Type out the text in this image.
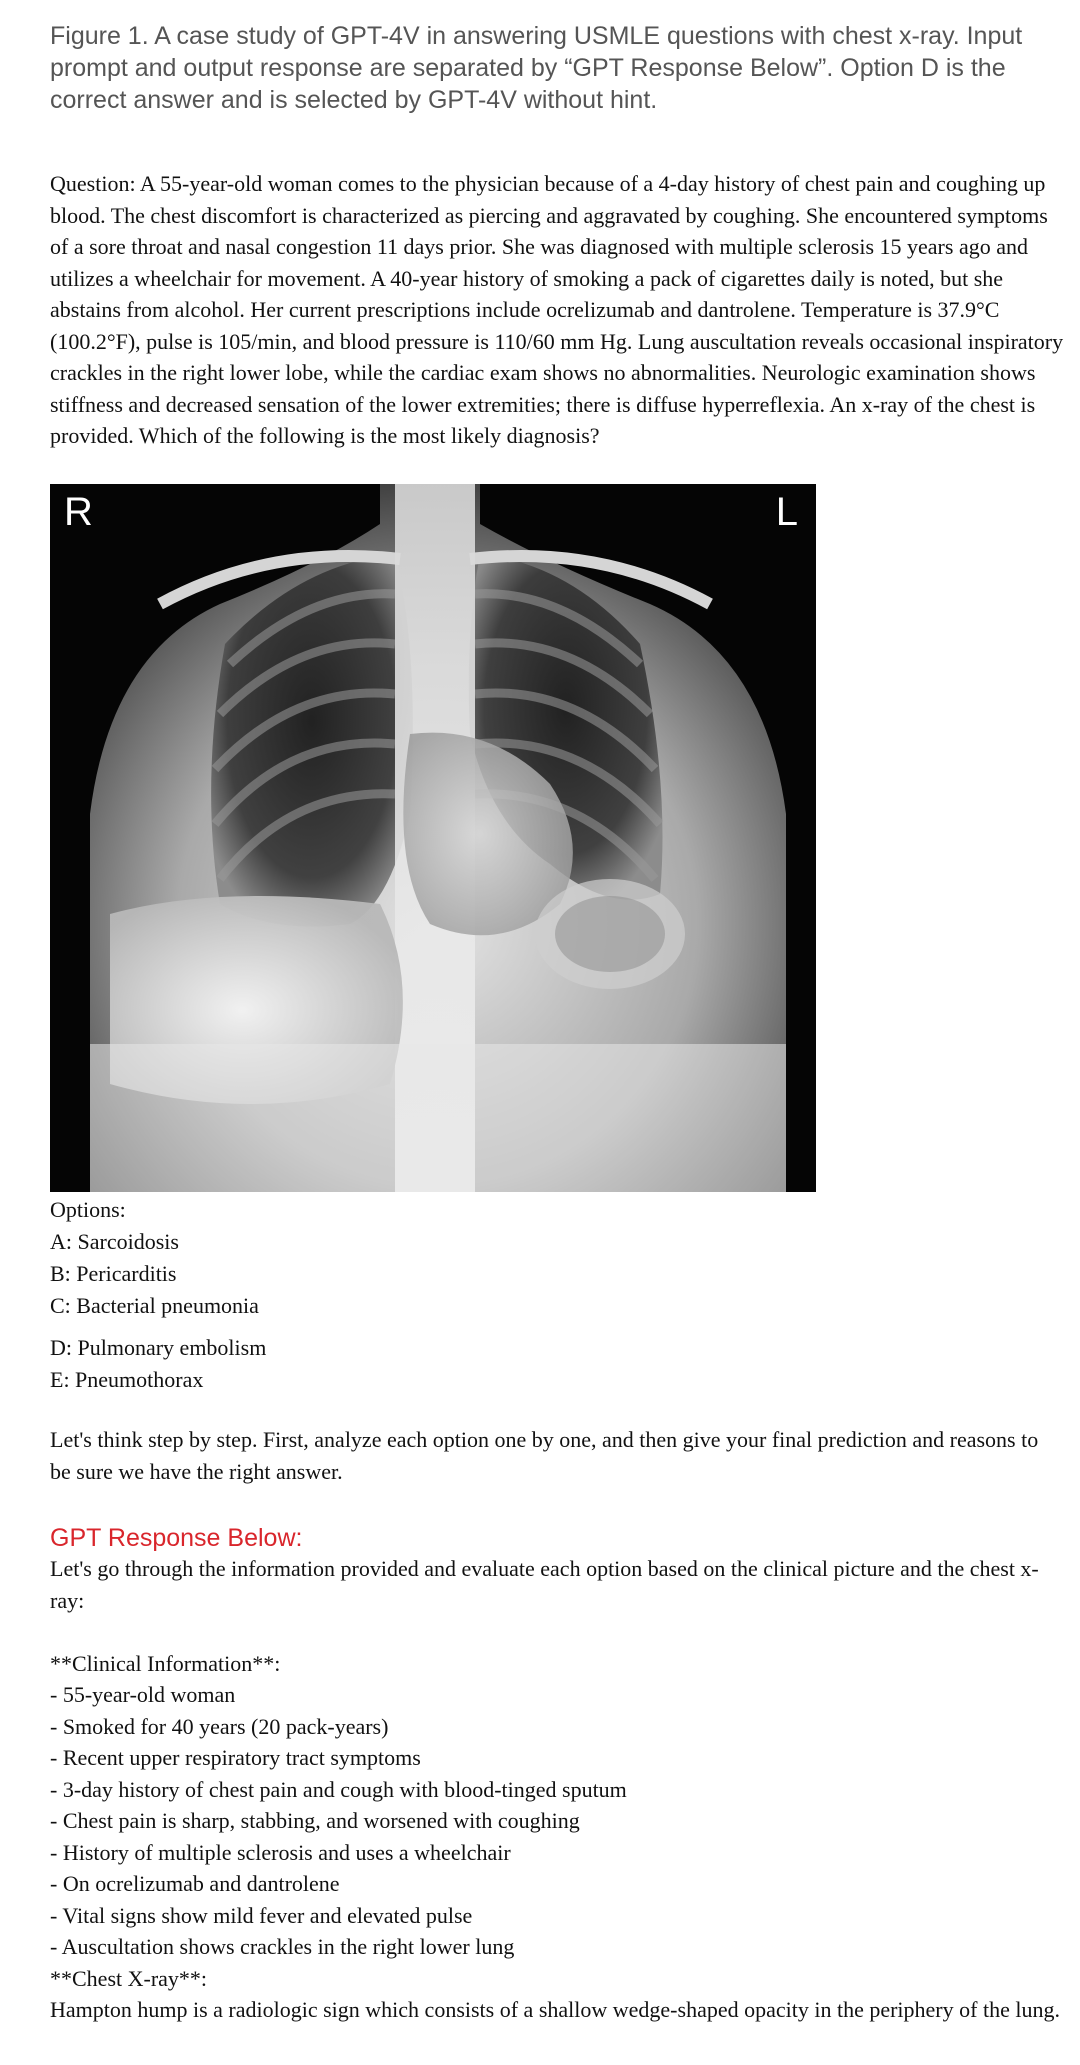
Figure 1. A case study of GPT-4V in answering USMLE questions with chest x-ray. Input prompt and output response are separated by “GPT Response Below”. Option D is the correct answer and is selected by GPT-4V without hint.
Question: A 55-year-old woman comes to the physician because of a 4-day history of chest pain and coughing up blood. The chest discomfort is characterized as piercing and aggravated by coughing. She encountered symptoms of a sore throat and nasal congestion 11 days prior. She was diagnosed with multiple sclerosis 15 years ago and utilizes a wheelchair for movement. A 40-year history of smoking a pack of cigarettes daily is noted, but she abstains from alcohol. Her current prescriptions include ocrelizumab and dantrolene. Temperature is 37.9°C (100.2°F), pulse is 105/min, and blood pressure is 110/60 mm Hg. Lung auscultation reveals occasional inspiratory crackles in the right lower lobe, while the cardiac exam shows no abnormalities. Neurologic examination shows stiffness and decreased sensation of the lower extremities; there is diffuse hyperreflexia. An x-ray of the chest is provided. Which of the following is the most likely diagnosis?
R	L
Options:
A: Sarcoidosis
B: Pericarditis
C: Bacterial pneumonia
D: Pulmonary embolism
E: Pneumothorax
Let's think step by step. First, analyze each option one by one, and then give your final prediction and reasons to be sure we have the right answer.
GPT Response Below:
Let's go through the information provided and evaluate each option based on the clinical picture and the chest x-ray:
**Clinical Information**:
- 55-year-old woman
- Smoked for 40 years (20 pack-years)
- Recent upper respiratory tract symptoms
- 3-day history of chest pain and cough with blood-tinged sputum
- Chest pain is sharp, stabbing, and worsened with coughing
- History of multiple sclerosis and uses a wheelchair
- On ocrelizumab and dantrolene
- Vital signs show mild fever and elevated pulse
- Auscultation shows crackles in the right lower lung
**Chest X-ray**:
Hampton hump is a radiologic sign which consists of a shallow wedge-shaped opacity in the periphery of the lung.
